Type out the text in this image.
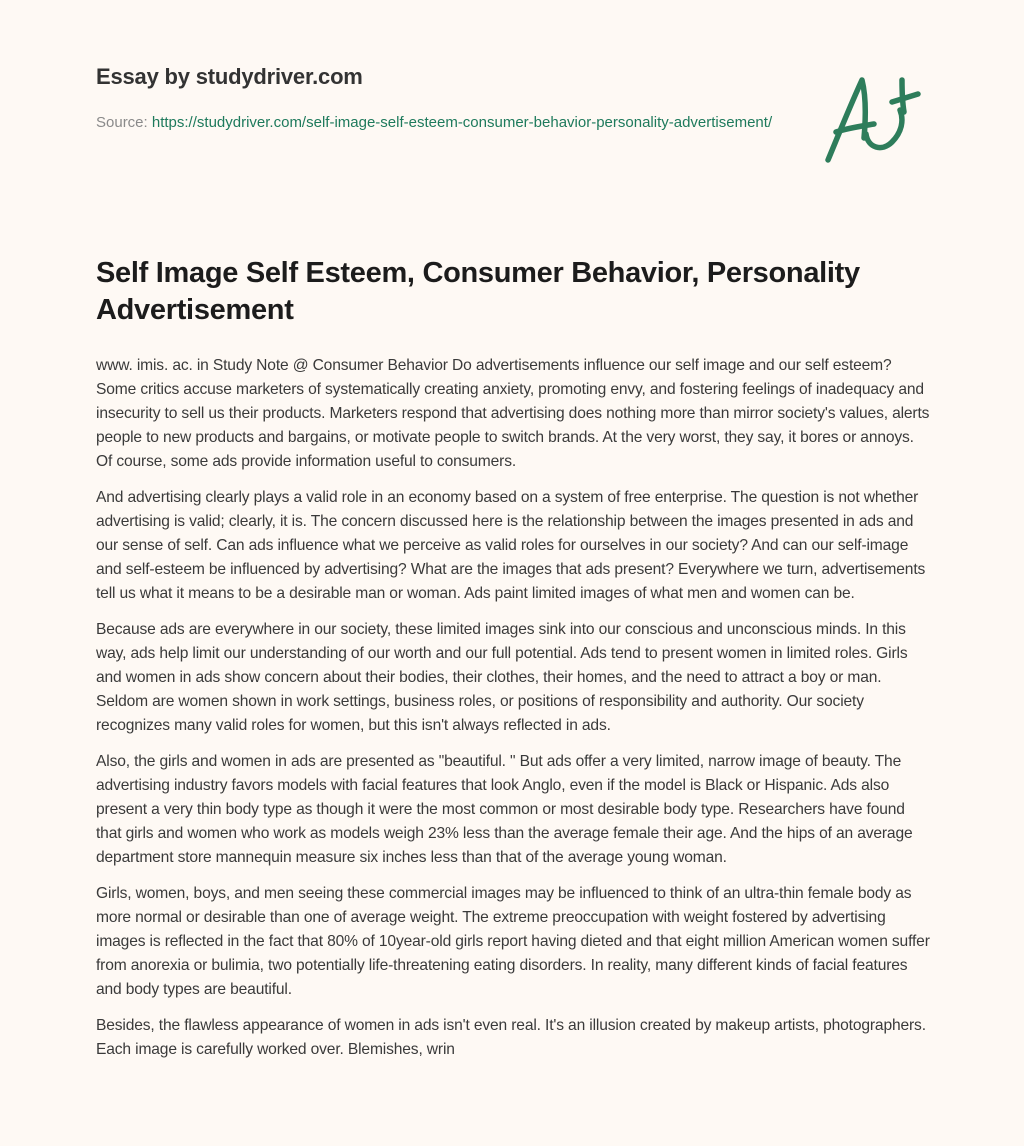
Essay by studydriver.com
Source: https://studydriver.com/self-image-self-esteem-consumer-behavior-personality-advertisement/
Self Image Self Esteem, Consumer Behavior, Personality Advertisement

www. imis. ac. in Study Note @ Consumer Behavior Do advertisements influence our self image and our self esteem? Some critics accuse marketers of systematically creating anxiety, promoting envy, and fostering feelings of inadequacy and insecurity to sell us their products. Marketers respond that advertising does nothing more than mirror society's values, alerts people to new products and bargains, or motivate people to switch brands. At the very worst, they say, it bores or annoys. Of course, some ads provide information useful to consumers.

And advertising clearly plays a valid role in an economy based on a system of free enterprise. The question is not whether advertising is valid; clearly, it is. The concern discussed here is the relationship between the images presented in ads and our sense of self. Can ads influence what we perceive as valid roles for ourselves in our society? And can our self-image and self-esteem be influenced by advertising? What are the images that ads present? Everywhere we turn, advertisements tell us what it means to be a desirable man or woman. Ads paint limited images of what men and women can be.

Because ads are everywhere in our society, these limited images sink into our conscious and unconscious minds. In this way, ads help limit our understanding of our worth and our full potential. Ads tend to present women in limited roles. Girls and women in ads show concern about their bodies, their clothes, their homes, and the need to attract a boy or man. Seldom are women shown in work settings, business roles, or positions of responsibility and authority. Our society recognizes many valid roles for women, but this isn't always reflected in ads.

Also, the girls and women in ads are presented as "beautiful. " But ads offer a very limited, narrow image of beauty. The advertising industry favors models with facial features that look Anglo, even if the model is Black or Hispanic. Ads also present a very thin body type as though it were the most common or most desirable body type. Researchers have found that girls and women who work as models weigh 23% less than the average female their age. And the hips of an average department store mannequin measure six inches less than that of the average young woman.

Girls, women, boys, and men seeing these commercial images may be influenced to think of an ultra-thin female body as more normal or desirable than one of average weight. The extreme preoccupation with weight fostered by advertising images is reflected in the fact that 80% of 10year-old girls report having dieted and that eight million American women suffer from anorexia or bulimia, two potentially life-threatening eating disorders. In reality, many different kinds of facial features and body types are beautiful.

Besides, the flawless appearance of women in ads isn't even real. It's an illusion created by makeup artists, photographers. Each image is carefully worked over. Blemishes, wrin
